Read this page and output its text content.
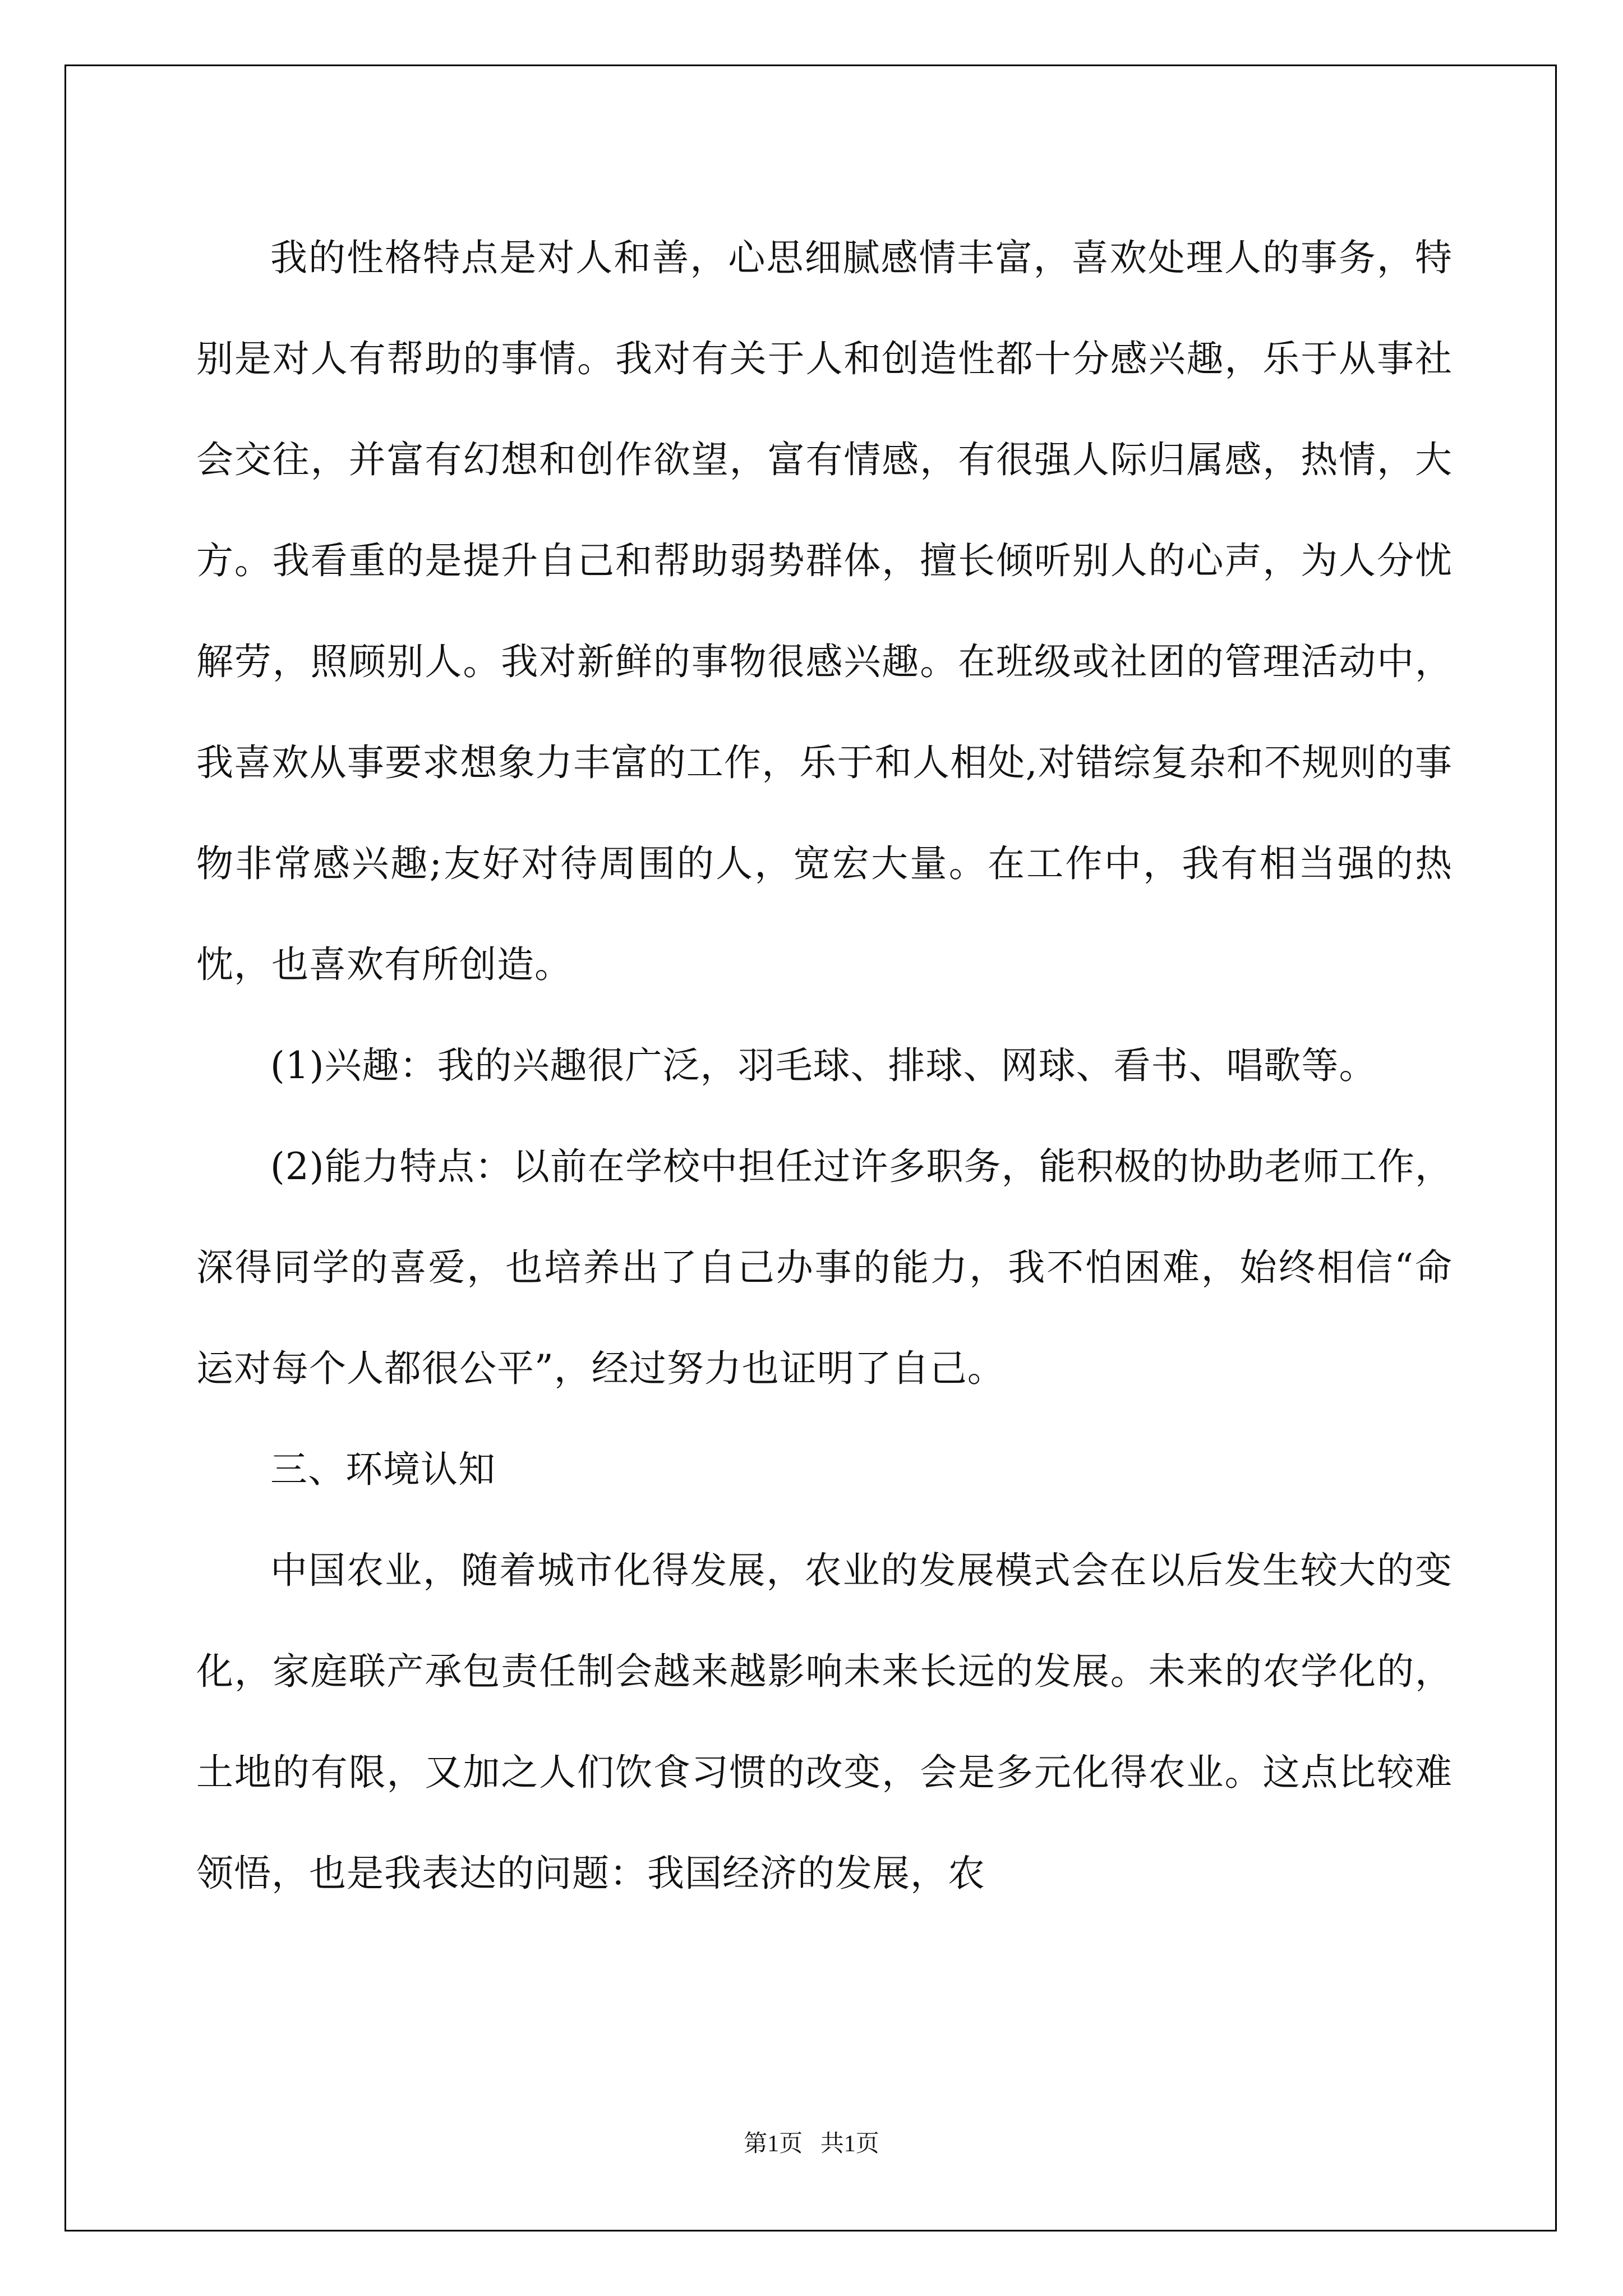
我的性格特点是对人和善，心思细腻感情丰富，喜欢处理人的事务，特别是对人有帮助的事情。我对有关于人和创造性都十分感兴趣，乐于从事社会交往，并富有幻想和创作欲望，富有情感，有很强人际归属感，热情，大方。我看重的是提升自己和帮助弱势群体，擅长倾听别人的心声，为人分忧解劳，照顾别人。我对新鲜的事物很感兴趣。在班级或社团的管理活动中，我喜欢从事要求想象力丰富的工作，乐于和人相处,对错综复杂和不规则的事物非常感兴趣;友好对待周围的人，宽宏大量。在工作中，我有相当强的热忱，也喜欢有所创造。

(1)兴趣：我的兴趣很广泛，羽毛球、排球、网球、看书、唱歌等。

(2)能力特点：以前在学校中担任过许多职务，能积极的协助老师工作，深得同学的喜爱，也培养出了自己办事的能力，我不怕困难，始终相信“命运对每个人都很公平”，经过努力也证明了自己。

三、环境认知

中国农业，随着城市化得发展，农业的发展模式会在以后发生较大的变化，家庭联产承包责任制会越来越影响未来长远的发展。未来的农学化的，土地的有限，又加之人们饮食习惯的改变，会是多元化得农业。这点比较难领悟，也是我表达的问题：我国经济的发展，农

第1页 共1页
